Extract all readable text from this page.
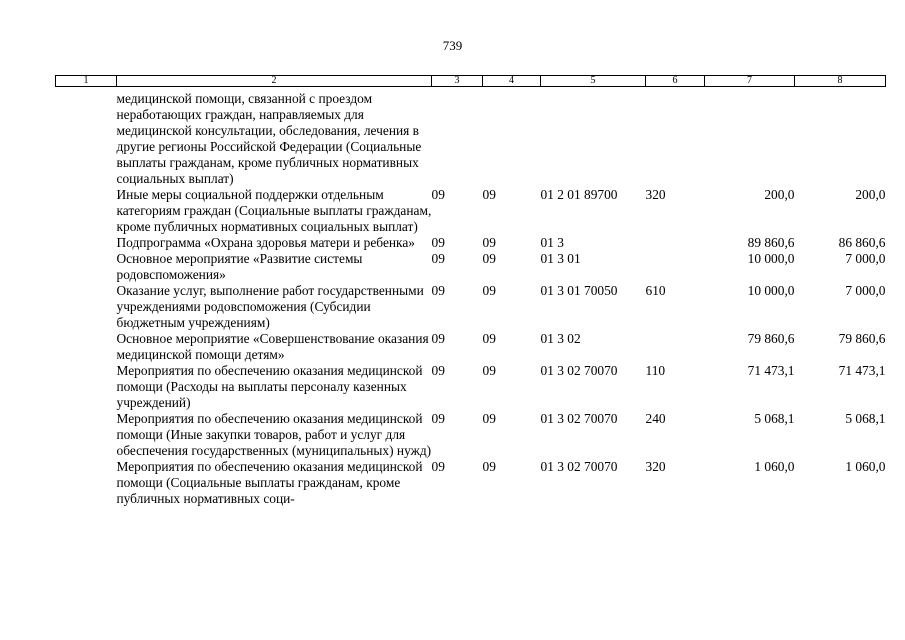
739
1	2	3	4	5	6	7	8
	медицинской помощи, связанной с проездом неработающих граждан, направляемых для медицинской консультации, обследования, лечения в другие регионы Российской Федерации (Социальные выплаты гражданам, кроме публичных нормативных социальных выплат)						
	Иные меры социальной поддержки отдельным категориям граждан (Социальные выплаты гражданам, кроме публичных нормативных социальных выплат)	09	09	01 2 01 89700	320	200,0	200,0
	Подпрограмма «Охрана здоровья матери и ребенка»	09	09	01 3		89 860,6	86 860,6
	Основное мероприятие «Развитие системы родовспоможения»	09	09	01 3 01		10 000,0	7 000,0
	Оказание услуг, выполнение работ государственными учреждениями родовспоможения (Субсидии бюджетным учреждениям)	09	09	01 3 01 70050	610	10 000,0	7 000,0
	Основное мероприятие «Совершенствование оказания медицинской помощи детям»	09	09	01 3 02		79 860,6	79 860,6
	Мероприятия по обеспечению оказания медицинской помощи (Расходы на выплаты персоналу казенных учреждений)	09	09	01 3 02 70070	110	71 473,1	71 473,1
	Мероприятия по обеспечению оказания медицинской помощи (Иные закупки товаров, работ и услуг для обеспечения государственных (муниципальных) нужд)	09	09	01 3 02 70070	240	5 068,1	5 068,1
	Мероприятия по обеспечению оказания медицинской помощи (Социальные выплаты гражданам, кроме публичных нормативных соци-	09	09	01 3 02 70070	320	1 060,0	1 060,0
